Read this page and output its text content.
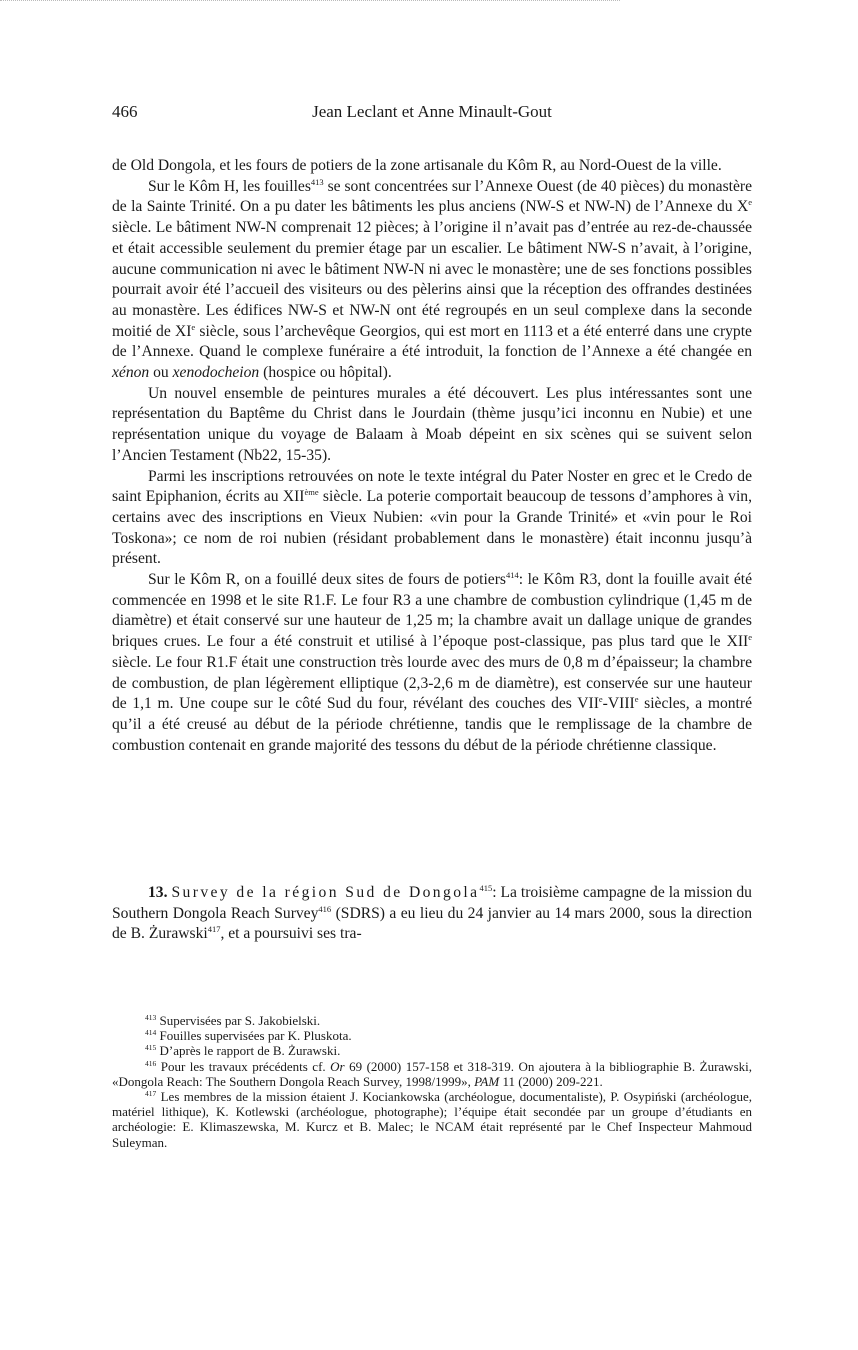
466	Jean Leclant et Anne Minault-Gout

de Old Dongola, et les fours de potiers de la zone artisanale du Kôm R, au Nord-Ouest de la ville.

Sur le Kôm H, les fouilles$^{413}$ se sont concentrées sur l’Annexe Ouest (de 40 pièces) du monastère de la Sainte Trinité. On a pu dater les bâtiments les plus anciens (NW-S et NW-N) de l’Annexe du Xe siècle. Le bâtiment NW-N comprenait 12 pièces; à l’origine il n’avait pas d’entrée au rez-de-chaussée et était accessible seulement du premier étage par un escalier. Le bâtiment NW-S n’avait, à l’origine, aucune communication ni avec le bâtiment NW-N ni avec le monastère; une de ses fonctions possibles pourrait avoir été l’accueil des visiteurs ou des pèlerins ainsi que la réception des offrandes destinées au monastère. Les édifices NW-S et NW-N ont été regroupés en un seul complexe dans la seconde moitié de XIe siècle, sous l’archevêque Georgios, qui est mort en 1113 et a été enterré dans une crypte de l’Annexe. Quand le complexe funéraire a été introduit, la fonction de l’Annexe a été changée en xénon ou xenodocheion (hospice ou hôpital).

Un nouvel ensemble de peintures murales a été découvert. Les plus intéressantes sont une représentation du Baptême du Christ dans le Jourdain (thème jusqu’ici inconnu en Nubie) et une représentation unique du voyage de Balaam à Moab dépeint en six scènes qui se suivent selon l’Ancien Testament (Nb22, 15-35).

Parmi les inscriptions retrouvées on note le texte intégral du Pater Noster en grec et le Credo de saint Epiphanion, écrits au XIIème siècle. La poterie comportait beaucoup de tessons d’amphores à vin, certains avec des inscriptions en Vieux Nubien: «vin pour la Grande Trinité» et «vin pour le Roi Toskona»; ce nom de roi nubien (résidant probablement dans le monastère) était inconnu jusqu’à présent.

Sur le Kôm R, on a fouillé deux sites de fours de potiers$^{414}$: le Kôm R3, dont la fouille avait été commencée en 1998 et le site R1.F. Le four R3 a une chambre de combustion cylindrique (1,45 m de diamètre) et était conservé sur une hauteur de 1,25 m; la chambre avait un dallage unique de grandes briques crues. Le four a été construit et utilisé à l’époque post-classique, pas plus tard que le XIIe siècle. Le four R1.F était une construction très lourde avec des murs de 0,8 m d’épaisseur; la chambre de combustion, de plan légèrement elliptique (2,3-2,6 m de diamètre), est conservée sur une hauteur de 1,1 m. Une coupe sur le côté Sud du four, révélant des couches des VIIe-VIIIe siècles, a montré qu’il a été creusé au début de la période chrétienne, tandis que le remplissage de la chambre de combustion contenait en grande majorité des tessons du début de la période chrétienne classique.

13. Survey de la région Sud de Dongola$^{415}$: La troisième campagne de la mission du Southern Dongola Reach Survey$^{416}$ (SDRS) a eu lieu du 24 janvier au 14 mars 2000, sous la direction de B. Żurawski$^{417}$, et a poursuivi ses tra-

$^{413}$ Supervisées par S. Jakobielski.

$^{414}$ Fouilles supervisées par K. Pluskota.

$^{415}$ D’après le rapport de B. Żurawski.

$^{416}$ Pour les travaux précédents cf. Or 69 (2000) 157-158 et 318-319. On ajoutera à la bibliographie B. Żurawski, «Dongola Reach: The Southern Dongola Reach Survey, 1998/1999», PAM 11 (2000) 209-221.

$^{417}$ Les membres de la mission étaient J. Kociankowska (archéologue, documentaliste), P. Osypiński (archéologue, matériel lithique), K. Kotlewski (archéologue, photographe); l’équipe était secondée par un groupe d’étudiants en archéologie: E. Klimaszewska, M. Kurcz et B. Malec; le NCAM était représenté par le Chef Inspecteur Mahmoud Suleyman.
